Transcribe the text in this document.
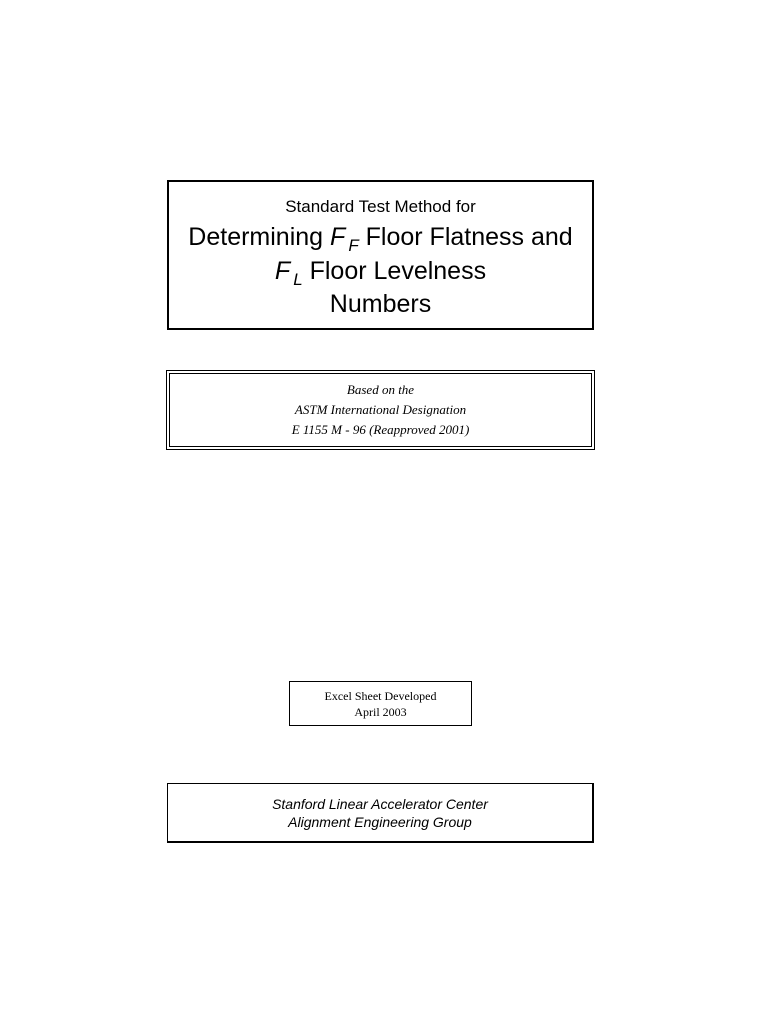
Standard Test Method for
Determining F $_F$ Floor Flatness and
F $_L$ Floor Levelness
Numbers
Based on the
ASTM International Designation
E 1155 M - 96 (Reapproved 2001)
Excel Sheet Developed
April 2003
Stanford Linear Accelerator Center
Alignment Engineering Group
